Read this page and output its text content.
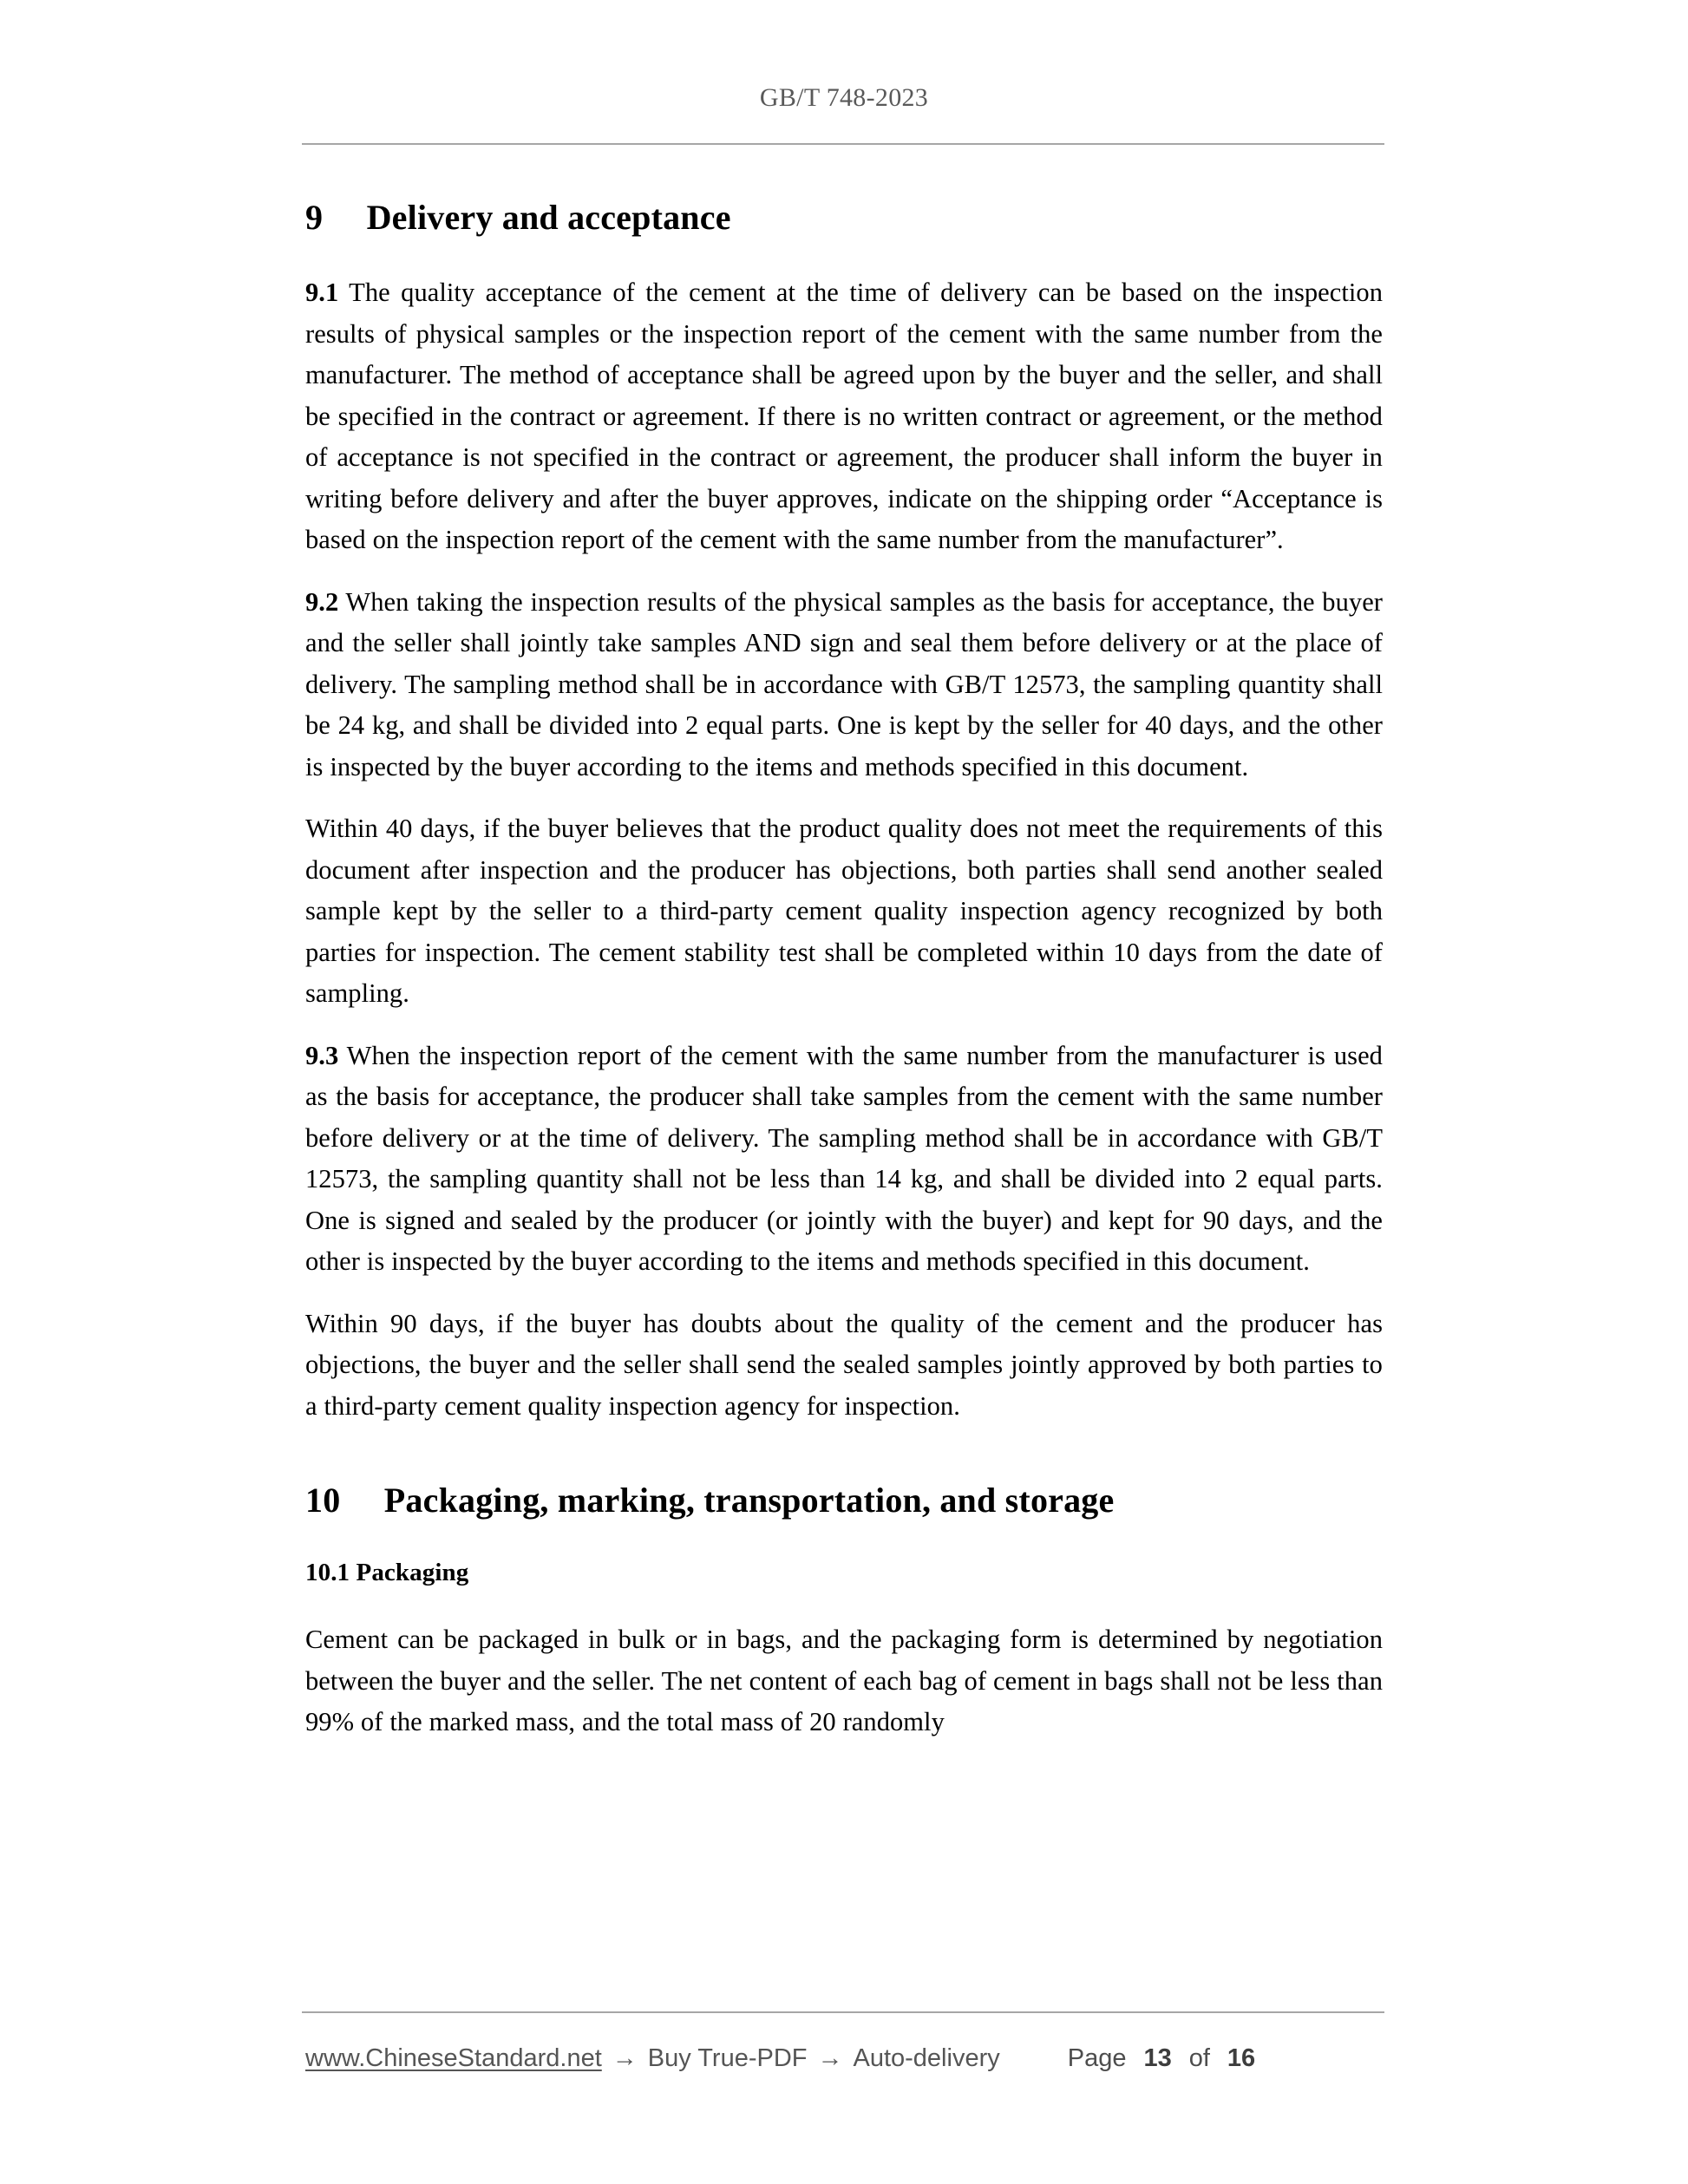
GB/T 748-2023
9  Delivery and acceptance

9.1 The quality acceptance of the cement at the time of delivery can be based on the inspection results of physical samples or the inspection report of the cement with the same number from the manufacturer. The method of acceptance shall be agreed upon by the buyer and the seller, and shall be specified in the contract or agreement. If there is no written contract or agreement, or the method of acceptance is not specified in the contract or agreement, the producer shall inform the buyer in writing before delivery and after the buyer approves, indicate on the shipping order “Acceptance is based on the inspection report of the cement with the same number from the manufacturer”.

9.2 When taking the inspection results of the physical samples as the basis for acceptance, the buyer and the seller shall jointly take samples AND sign and seal them before delivery or at the place of delivery. The sampling method shall be in accordance with GB/T 12573, the sampling quantity shall be 24 kg, and shall be divided into 2 equal parts. One is kept by the seller for 40 days, and the other is inspected by the buyer according to the items and methods specified in this document.

Within 40 days, if the buyer believes that the product quality does not meet the requirements of this document after inspection and the producer has objections, both parties shall send another sealed sample kept by the seller to a third-party cement quality inspection agency recognized by both parties for inspection. The cement stability test shall be completed within 10 days from the date of sampling.

9.3 When the inspection report of the cement with the same number from the manufacturer is used as the basis for acceptance, the producer shall take samples from the cement with the same number before delivery or at the time of delivery. The sampling method shall be in accordance with GB/T 12573, the sampling quantity shall not be less than 14 kg, and shall be divided into 2 equal parts. One is signed and sealed by the producer (or jointly with the buyer) and kept for 90 days, and the other is inspected by the buyer according to the items and methods specified in this document.

Within 90 days, if the buyer has doubts about the quality of the cement and the producer has objections, the buyer and the seller shall send the sealed samples jointly approved by both parties to a third-party cement quality inspection agency for inspection.

10  Packaging, marking, transportation, and storage
10.1 Packaging

Cement can be packaged in bulk or in bags, and the packaging form is determined by negotiation between the buyer and the seller. The net content of each bag of cement in bags shall not be less than 99% of the marked mass, and the total mass of 20 randomly

www.ChineseStandard.net → Buy True-PDF → Auto-delivery	Page 13 of 16
